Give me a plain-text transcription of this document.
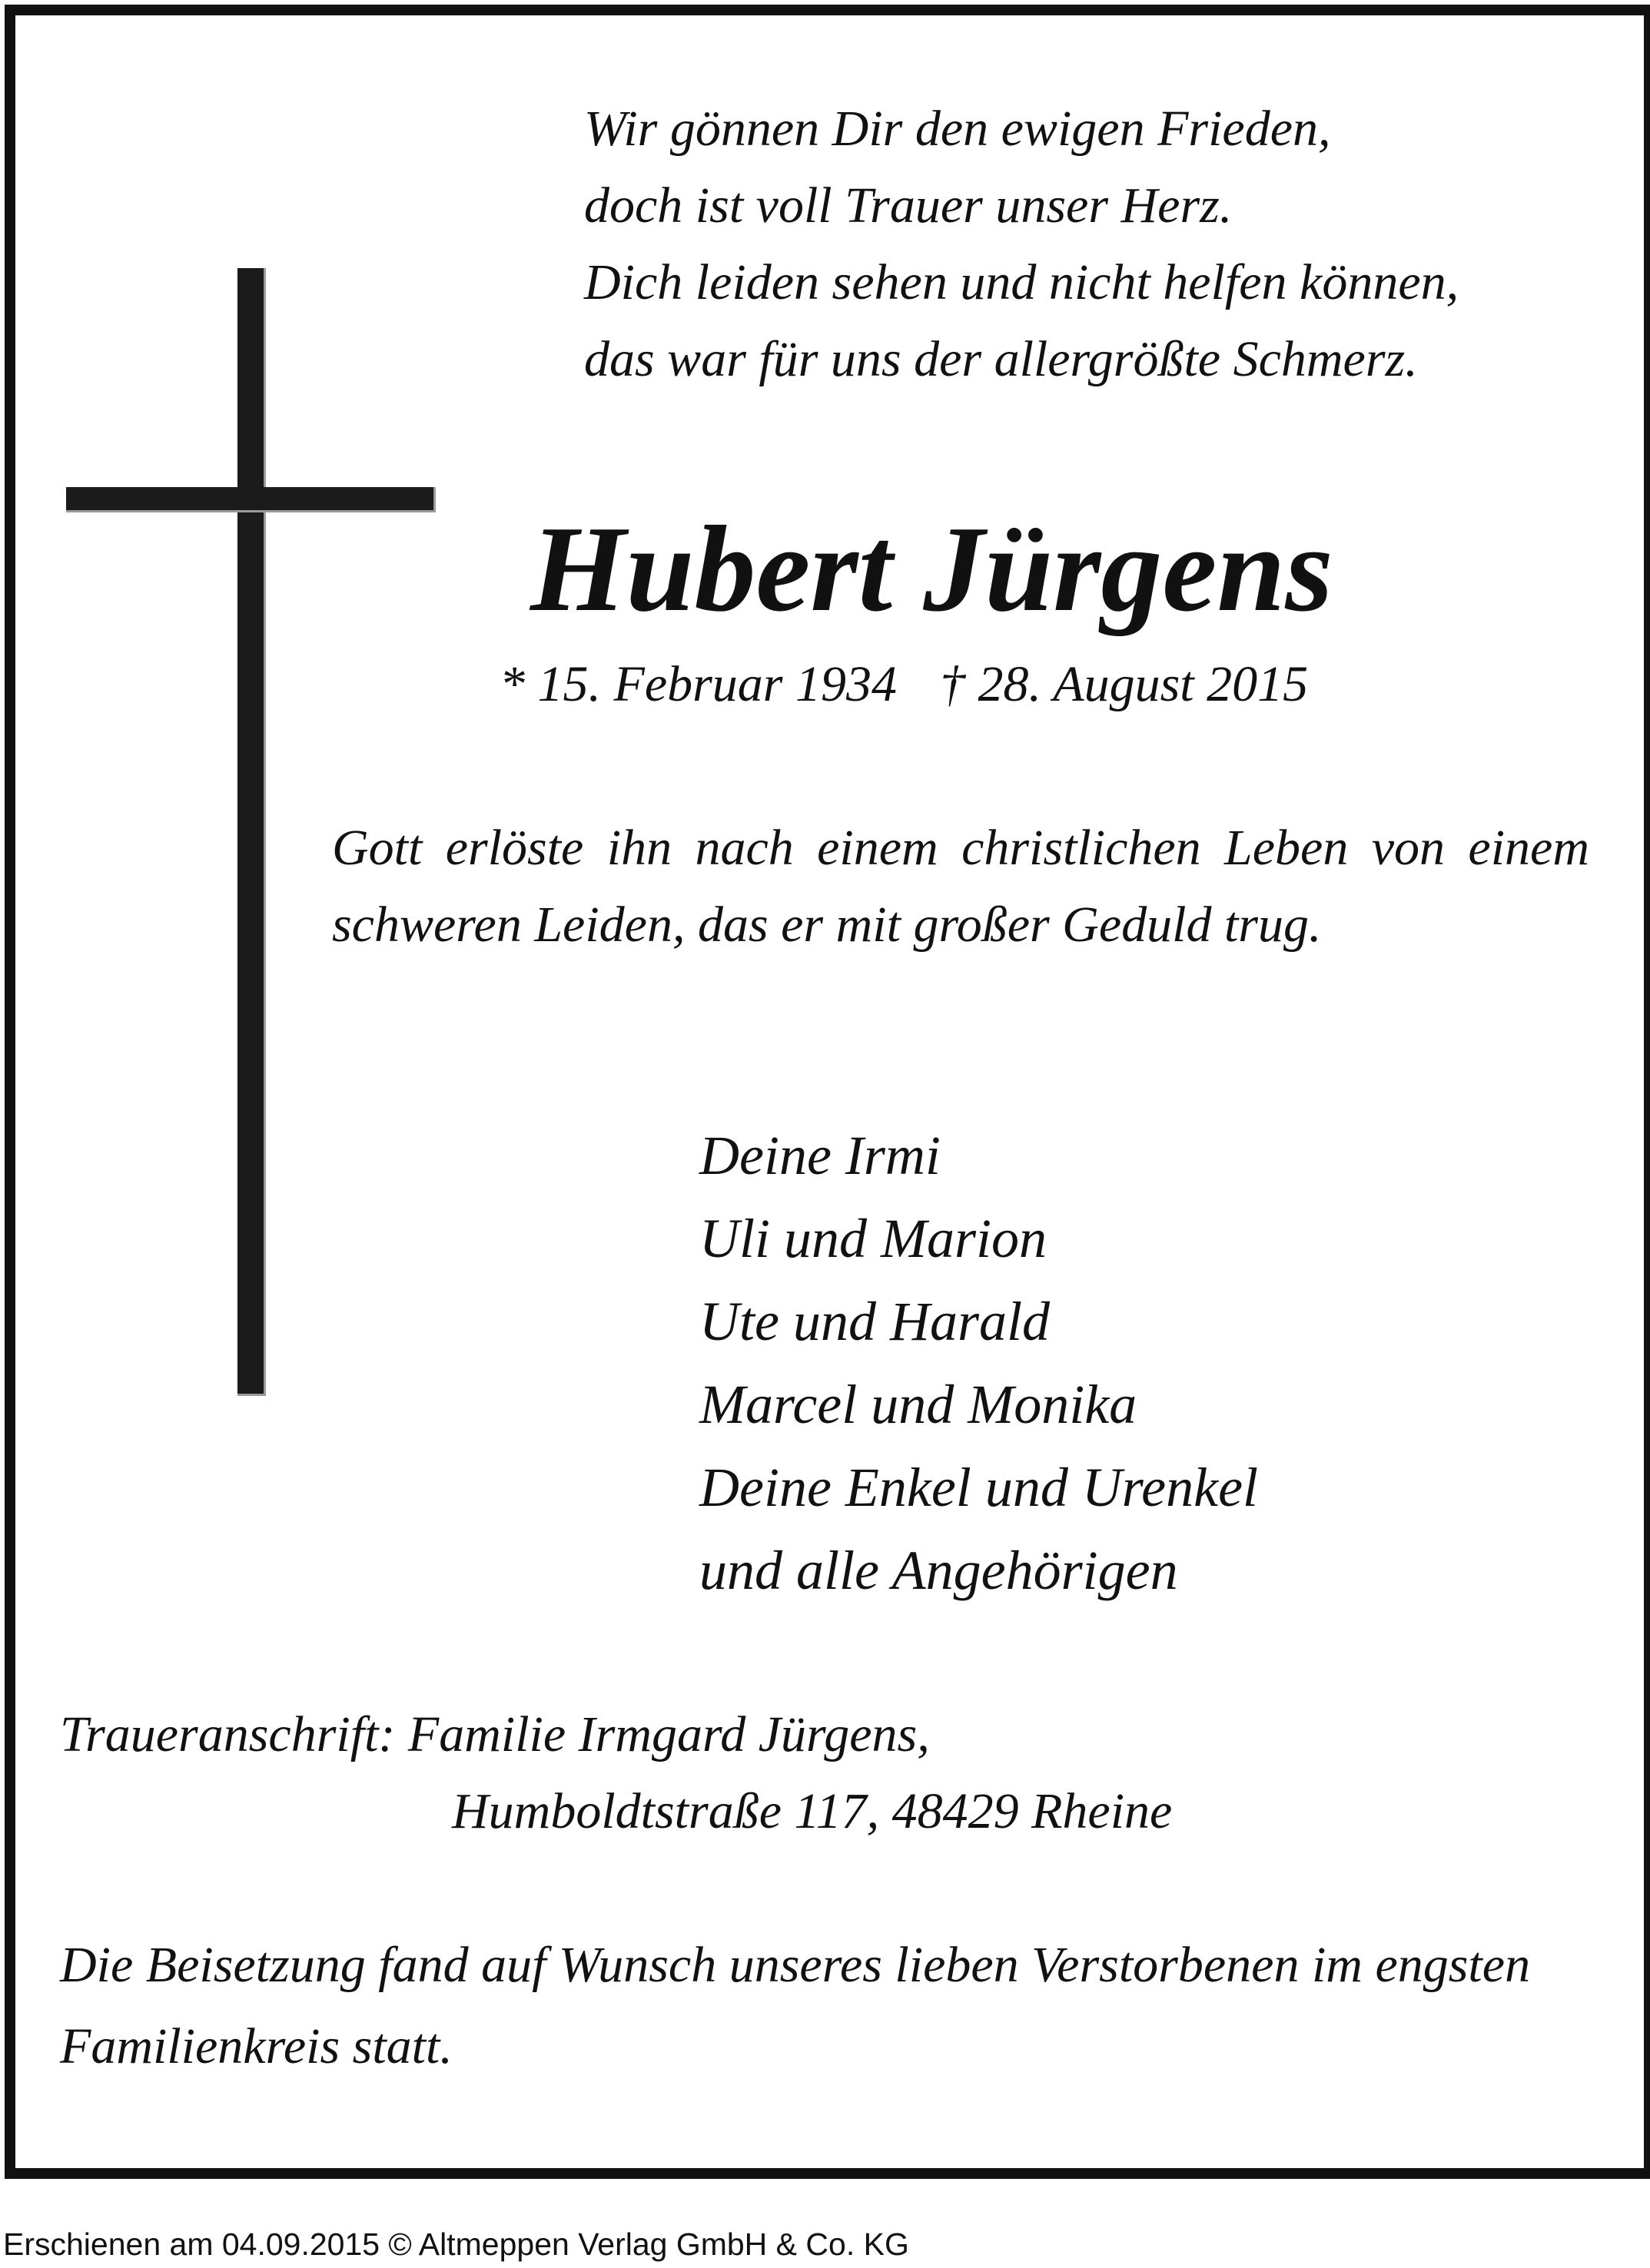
Wir gönnen Dir den ewigen Frieden,
doch ist voll Trauer unser Herz.
Dich leiden sehen und nicht helfen können,
das war für uns der allergrößte Schmerz.
Hubert Jürgens
* 15. Februar 1934 † 28. August 2015
Gott erlöste ihn nach einem christlichen Leben von einem schweren Leiden, das er mit großer Geduld trug.
Deine Irmi
Uli und Marion
Ute und Harald
Marcel und Monika
Deine Enkel und Urenkel
und alle Angehörigen
Traueranschrift: Familie Irmgard Jürgens,
Humboldtstraße 117, 48429 Rheine
Die Beisetzung fand auf Wunsch unseres lieben Verstorbenen im engsten Familienkreis statt.
Erschienen am 04.09.2015 © Altmeppen Verlag GmbH & Co. KG
